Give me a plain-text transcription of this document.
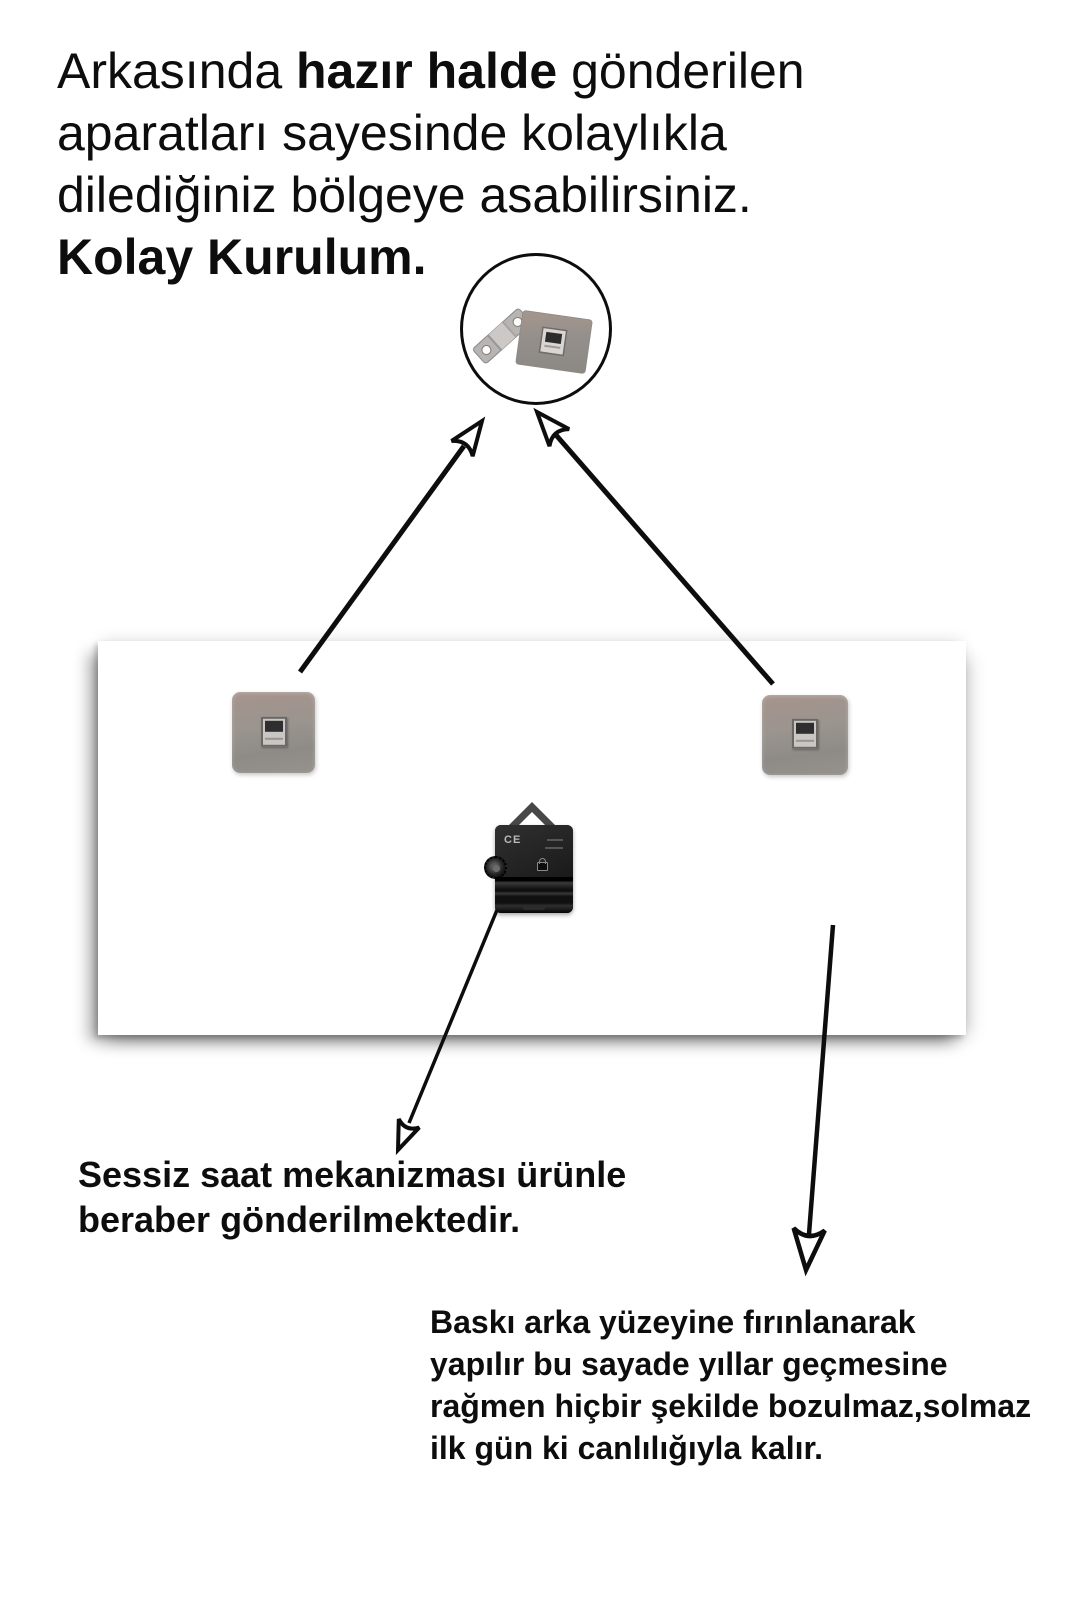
Arkasında hazır halde gönderilen

aparatları sayesinde kolaylıkla

dilediğiniz bölgeye asabilirsiniz.

Kolay Kurulum.

CE

Sessiz saat mekanizması ürünle

beraber gönderilmektedir.

Baskı arka yüzeyine fırınlanarak

yapılır bu sayade yıllar geçmesine

rağmen hiçbir şekilde bozulmaz,solmaz

ilk gün ki canlılığıyla kalır.
